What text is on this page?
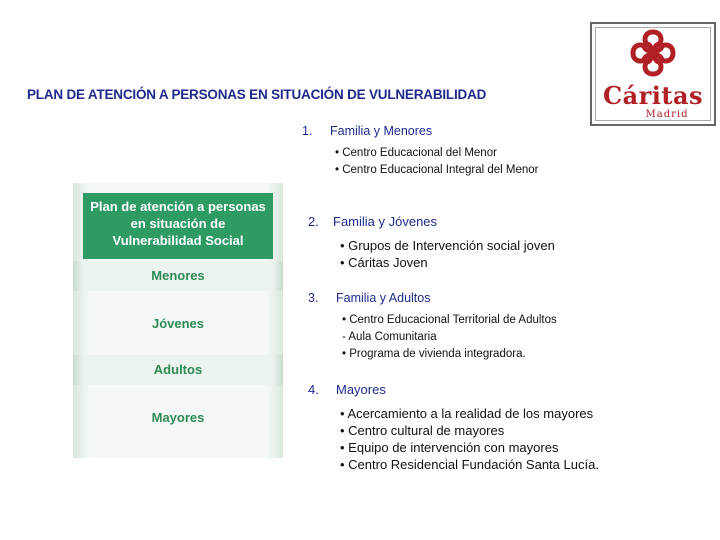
PLAN DE ATENCIÓN A PERSONAS EN SITUACIÓN DE VULNERABILIDAD	Cáritas
Madrid
Plan de atención a personas
en situación de
Vulnerabilidad Social
Menores
Jóvenes
Adultos
Mayores
1. Familia y Menores
• Centro Educacional del Menor
• Centro Educacional Integral del Menor
2. Familia y Jóvenes
• Grupos de Intervención social joven
• Cáritas Joven
3. Familia y Adultos
• Centro Educacional Territorial de Adultos
- Aula Comunitaria
• Programa de vivienda integradora.
4. Mayores
• Acercamiento a la realidad de los mayores
• Centro cultural de mayores
• Equipo de intervención con mayores
• Centro Residencial Fundación Santa Lucía.
